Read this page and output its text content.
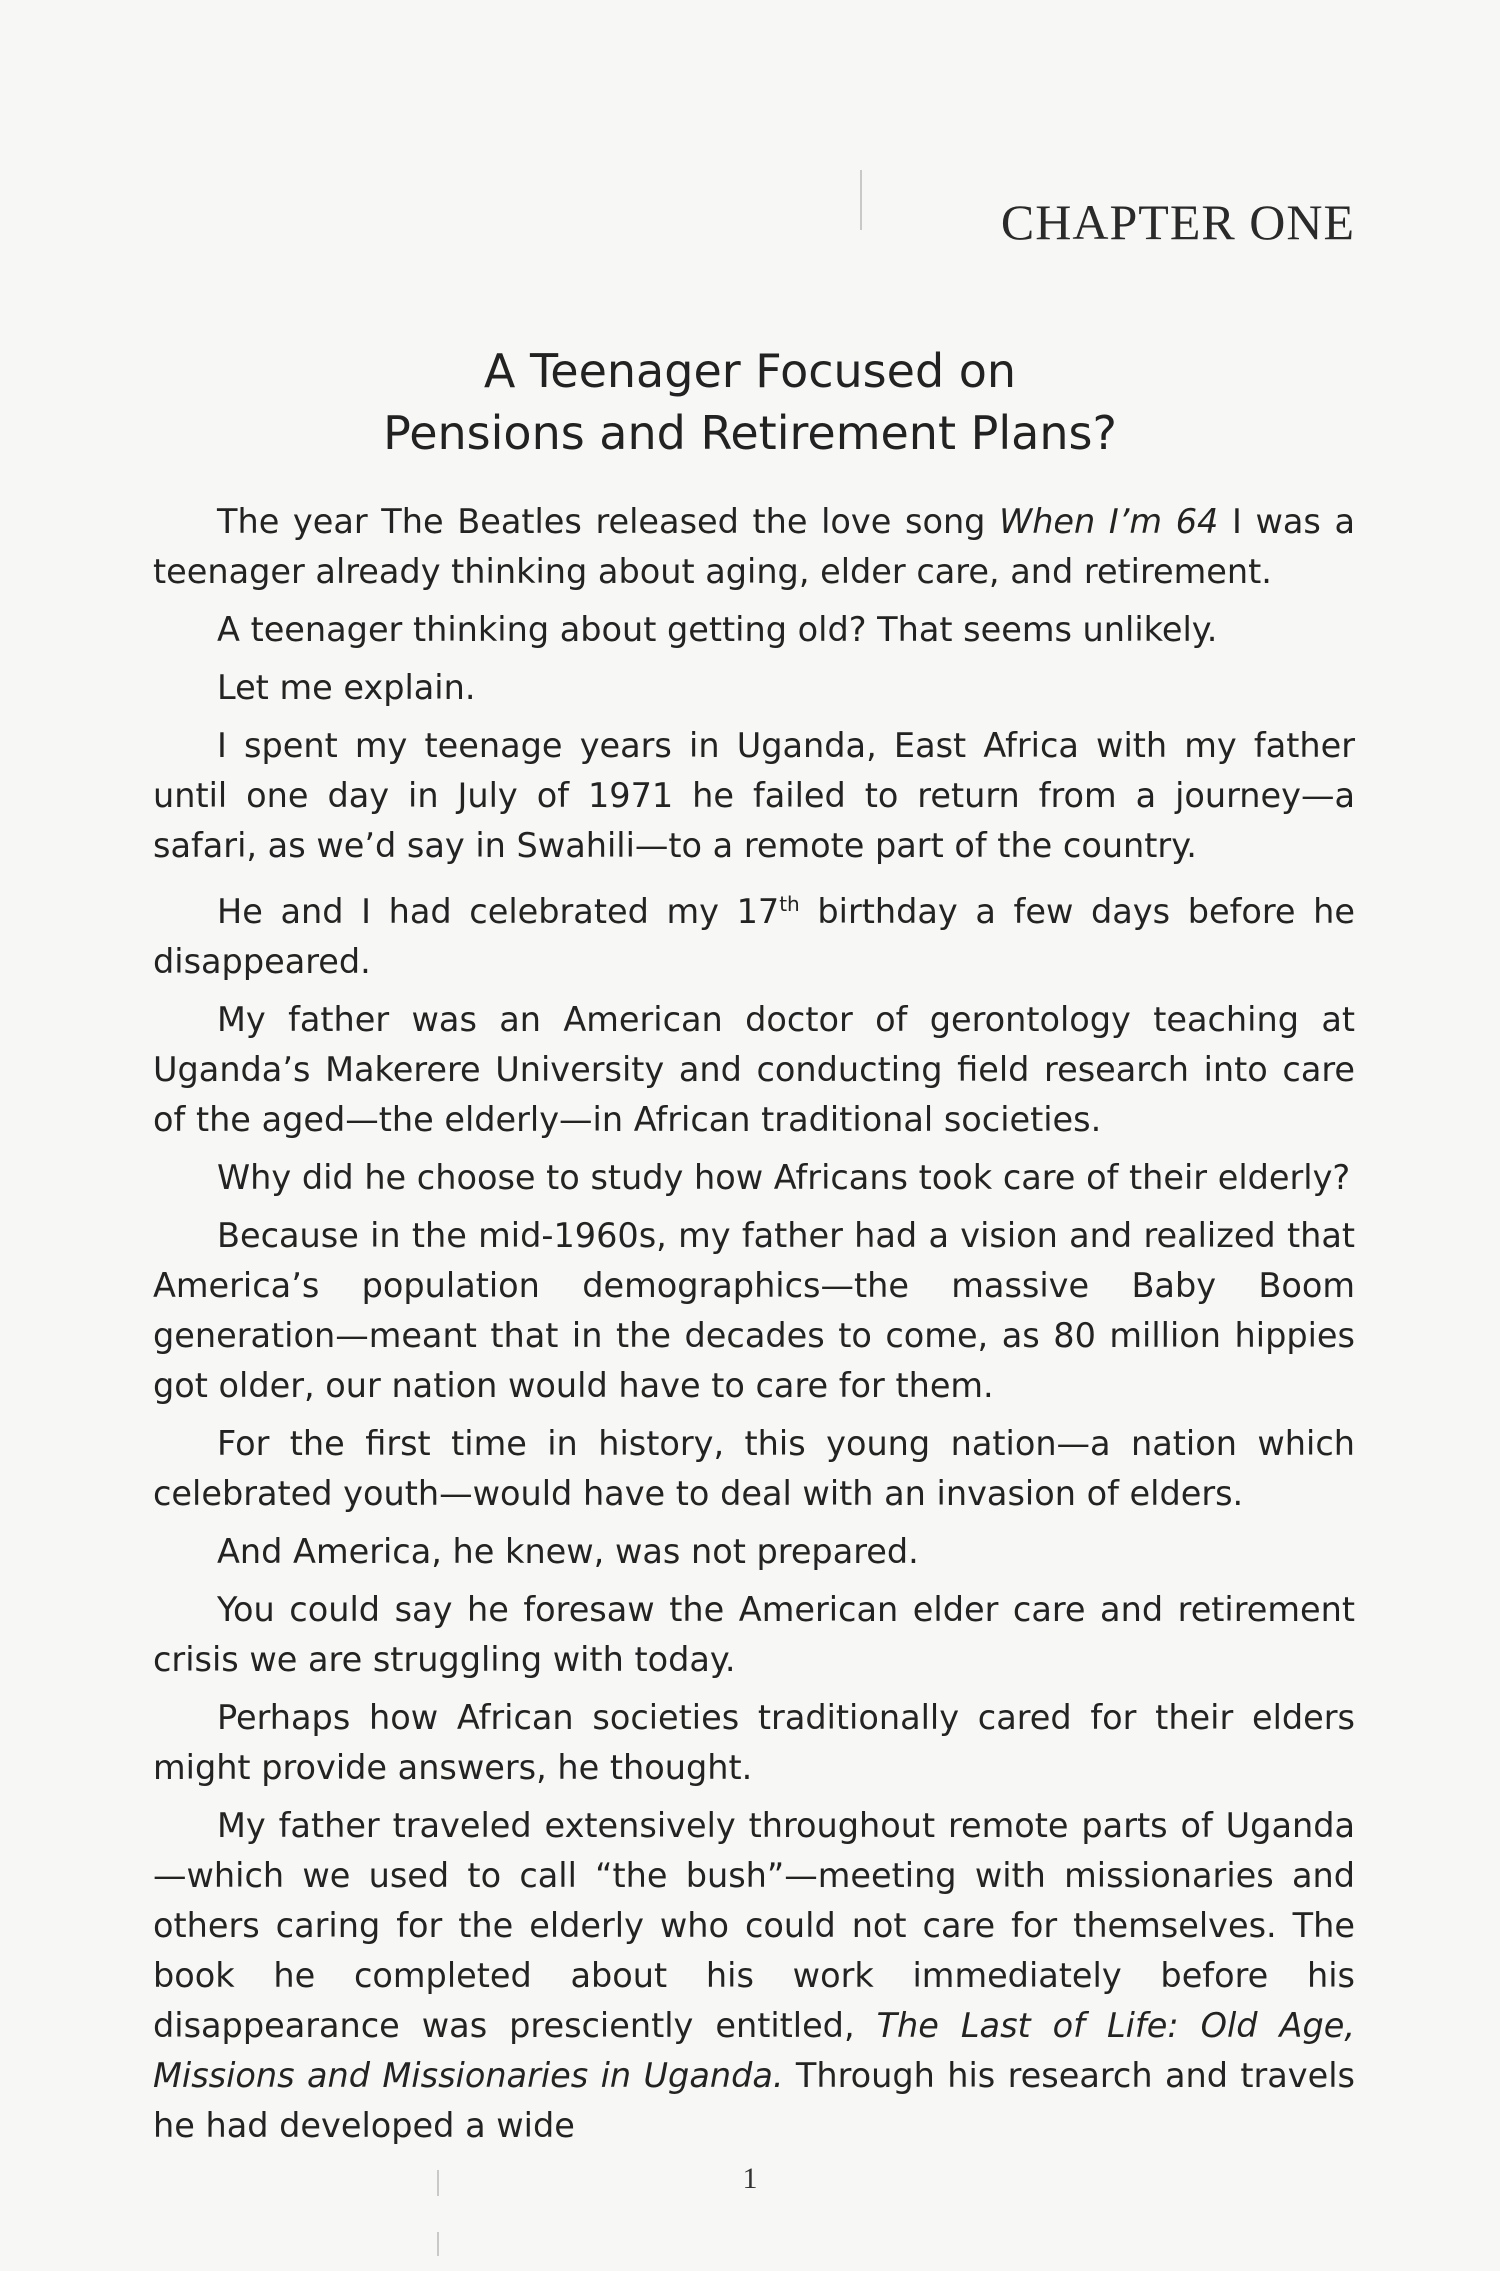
CHAPTER ONE
A Teenager Focused on
Pensions and Retirement Plans?

The year The Beatles released the love song When I’m 64 I was a teenager already thinking about aging, elder care, and retirement.

A teenager thinking about getting old? That seems unlikely.

Let me explain.

I spent my teenage years in Uganda, East Africa with my father until one day in July of 1971 he failed to return from a journey—a safari, as we’d say in Swahili—to a remote part of the country.

He and I had celebrated my 17th birthday a few days before he disappeared.

My father was an American doctor of gerontology teaching at Uganda’s Makerere University and conducting field research into care of the aged—the elderly—in African traditional societies.

Why did he choose to study how Africans took care of their elderly?

Because in the mid-1960s, my father had a vision and realized that America’s population demographics—the massive Baby Boom generation—meant that in the decades to come, as 80 million hippies got older, our nation would have to care for them.

For the first time in history, this young nation—a nation which celebrated youth—would have to deal with an invasion of elders.

And America, he knew, was not prepared.

You could say he foresaw the American elder care and retirement crisis we are struggling with today.

Perhaps how African societies traditionally cared for their elders might provide answers, he thought.

My father traveled extensively throughout remote parts of Uganda—which we used to call “the bush”—meeting with missionaries and others caring for the elderly who could not care for themselves. The book he completed about his work immediately before his disappearance was presciently entitled, The Last of Life: Old Age, Missions and Missionaries in Uganda. Through his research and travels he had developed a wide

1
